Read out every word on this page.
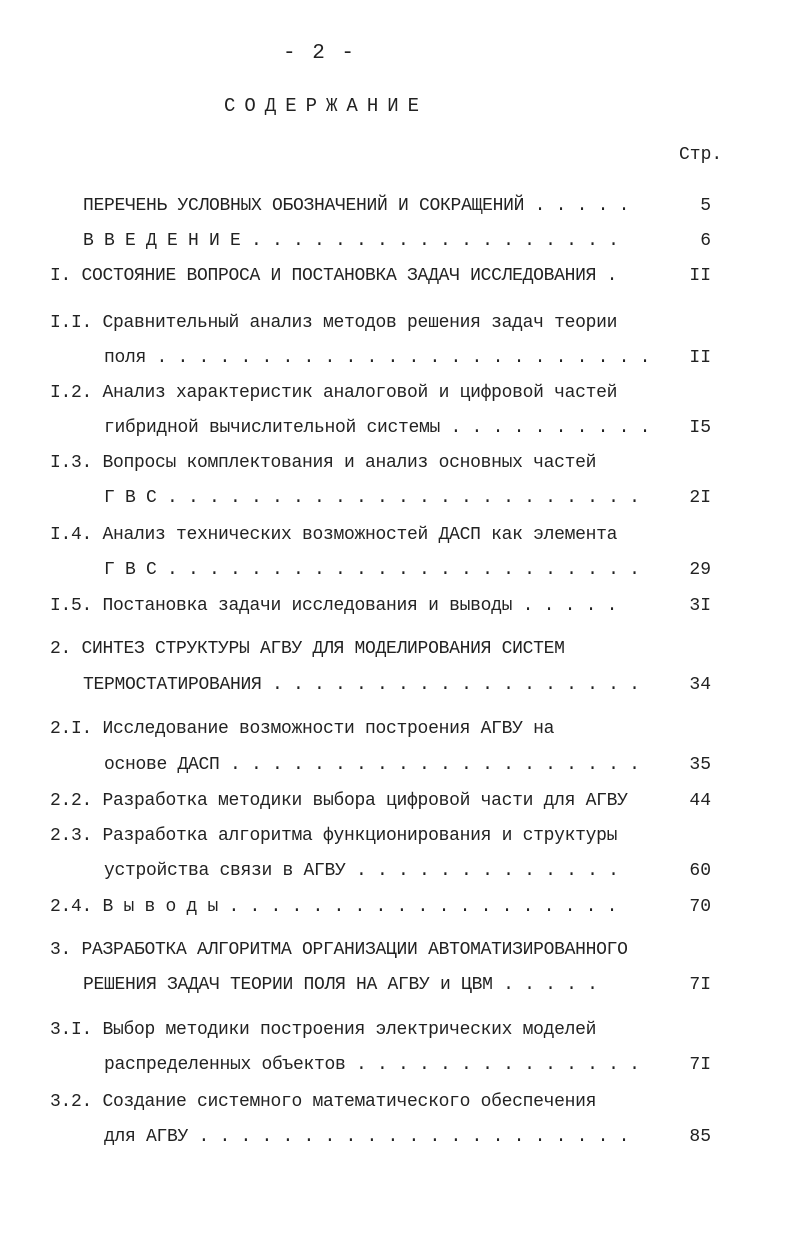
- 2 -
СОДЕРЖАНИЕ
Стр.
ПЕРЕЧЕНЬ УСЛОВНЫХ ОБОЗНАЧЕНИЙ И СОКРАЩЕНИЙ . . . . .	5
В В Е Д Е Н И Е . . . . . . . . . . . . . . . . . .	6
I. СОСТОЯНИЕ ВОПРОСА И ПОСТАНОВКА ЗАДАЧ ИССЛЕДОВАНИЯ .	II
I.I. Сравнительный анализ методов решения задач теории
поля . . . . . . . . . . . . . . . . . . . . . . . .	II
I.2. Анализ характеристик аналоговой и цифровой частей
гибридной вычислительной системы . . . . . . . . . .	I5
I.3. Вопросы комплектования и анализ основных частей
Г В С . . . . . . . . . . . . . . . . . . . . . . .	2I
I.4. Анализ технических возможностей ДАСП как элемента
Г В С . . . . . . . . . . . . . . . . . . . . . . .	29
I.5. Постановка задачи исследования и выводы . . . . .	3I
2. СИНТЕЗ СТРУКТУРЫ АГВУ ДЛЯ МОДЕЛИРОВАНИЯ СИСТЕМ
ТЕРМОСТАТИРОВАНИЯ . . . . . . . . . . . . . . . . . .	34
2.I. Исследование возможности построения АГВУ на
основе ДАСП . . . . . . . . . . . . . . . . . . . .	35
2.2. Разработка методики выбора цифровой части для АГВУ	44
2.3. Разработка алгоритма функционирования и структуры
устройства связи в АГВУ . . . . . . . . . . . . .	60
2.4. В ы в о д ы . . . . . . . . . . . . . . . . . . .	70
3. РАЗРАБОТКА АЛГОРИТМА ОРГАНИЗАЦИИ АВТОМАТИЗИРОВАННОГО
РЕШЕНИЯ ЗАДАЧ ТЕОРИИ ПОЛЯ НА АГВУ и ЦВМ . . . . .	7I
3.I. Выбор методики построения электрических моделей
распределенных объектов . . . . . . . . . . . . . .	7I
3.2. Создание системного математического обеспечения
для АГВУ . . . . . . . . . . . . . . . . . . . . .	85
